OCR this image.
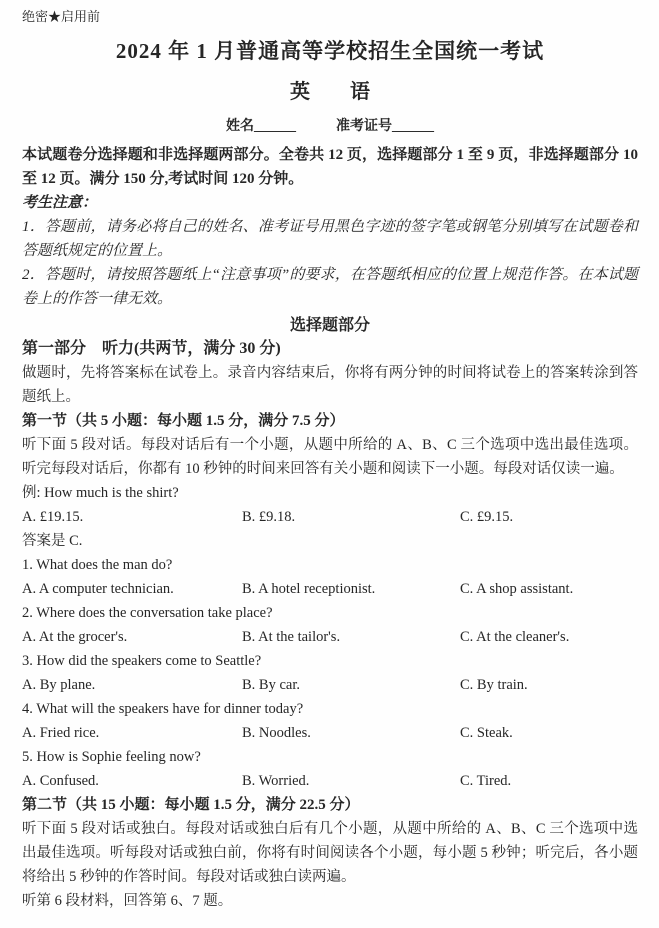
绝密★启用前
2024 年 1 月普通高等学校招生全国统一考试
英　　语
姓名______	准考证号______

本试题卷分选择题和非选择题两部分。全卷共 12 页，选择题部分 1 至 9 页，非选择题部分 10 至 12 页。满分 150 分,考试时间 120 分钟。

考生注意：

1．答题前，请务必将自己的姓名、准考证号用黑色字迹的签字笔或钢笔分别填写在试题卷和答题纸规定的位置上。

2．答题时，请按照答题纸上“注意事项”的要求，在答题纸相应的位置上规范作答。在本试题卷上的作答一律无效。

选择题部分

第一部分　听力(共两节，满分 30 分)

做题时，先将答案标在试卷上。录音内容结束后，你将有两分钟的时间将试卷上的答案转涂到答题纸上。

第一节（共 5 小题：每小题 1.5 分，满分 7.5 分）

听下面 5 段对话。每段对话后有一个小题，从题中所给的 A、B、C 三个选项中选出最佳选项。听完每段对话后，你都有 10 秒钟的时间来回答有关小题和阅读下一小题。每段对话仅读一遍。

例: How much is the shirt?

A. £19.15.	B. £9.18.	C. £9.15.

答案是 C.

1. What does the man do?

A. A computer technician.	B. A hotel receptionist.	C. A shop assistant.

2. Where does the conversation take place?

A. At the grocer's.	B. At the tailor's.	C. At the cleaner's.

3. How did the speakers come to Seattle?

A. By plane.	B. By car.	C. By train.

4. What will the speakers have for dinner today?

A. Fried rice.	B. Noodles.	C. Steak.

5. How is Sophie feeling now?

A. Confused.	B. Worried.	C. Tired.

第二节（共 15 小题：每小题 1.5 分，满分 22.5 分）

听下面 5 段对话或独白。每段对话或独白后有几个小题，从题中所给的 A、B、C 三个选项中选出最佳选项。听每段对话或独白前，你将有时间阅读各个小题，每小题 5 秒钟；听完后，各小题将给出 5 秒钟的作答时间。每段对话或独白读两遍。

听第 6 段材料，回答第 6、7 题。
